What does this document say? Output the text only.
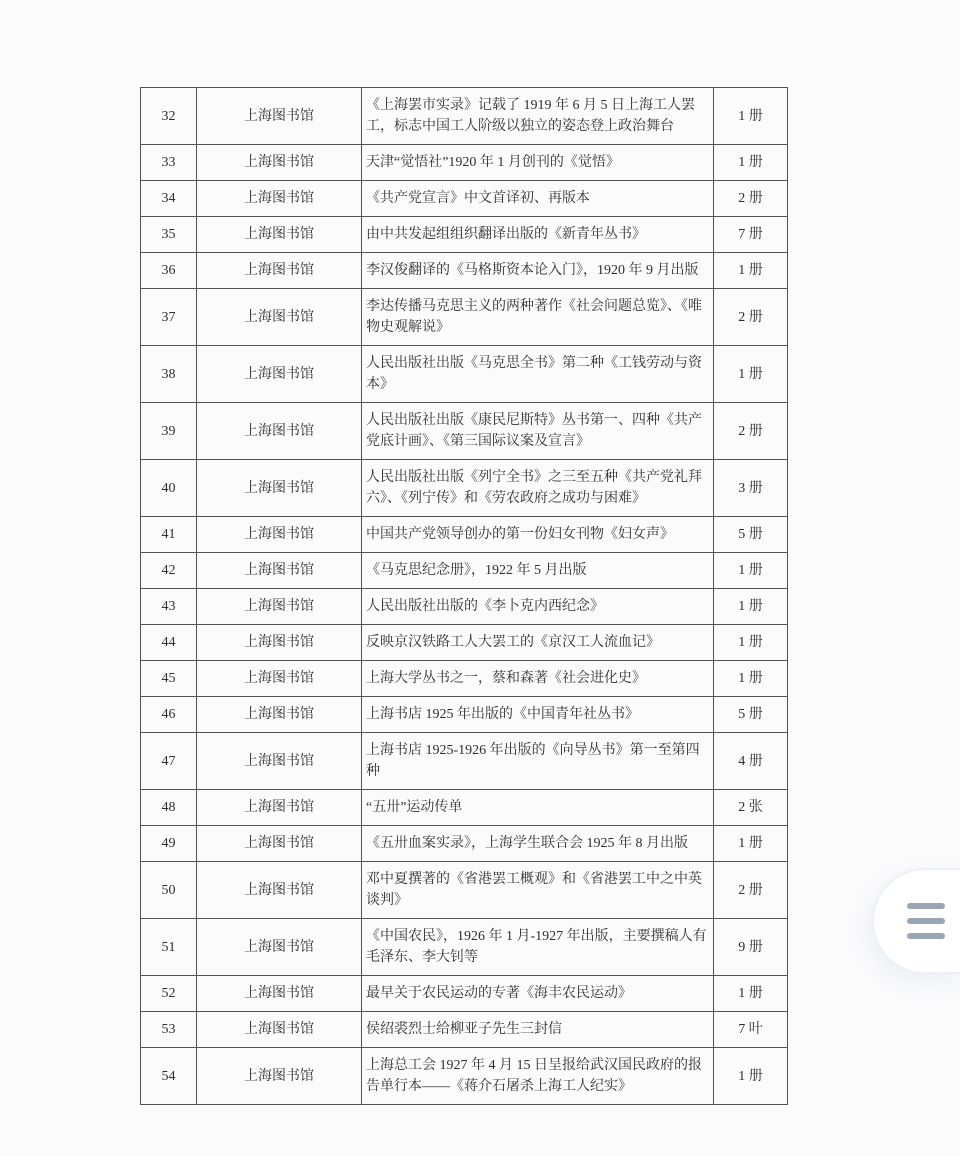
32	上海图书馆	《上海罢市实录》记载了 1919 年 6 月 5 日上海工人罢工，标志中国工人阶级以独立的姿态登上政治舞台	1 册
33	上海图书馆	天津“觉悟社”1920 年 1 月创刊的《觉悟》	1 册
34	上海图书馆	《共产党宣言》中文首译初、再版本	2 册
35	上海图书馆	由中共发起组组织翻译出版的《新青年丛书》	7 册
36	上海图书馆	李汉俊翻译的《马格斯资本论入门》，1920 年 9 月出版	1 册
37	上海图书馆	李达传播马克思主义的两种著作《社会问题总览》、《唯物史观解说》	2 册
38	上海图书馆	人民出版社出版《马克思全书》第二种《工钱劳动与资本》	1 册
39	上海图书馆	人民出版社出版《康民尼斯特》丛书第一、四种《共产党底计画》、《第三国际议案及宣言》	2 册
40	上海图书馆	人民出版社出版《列宁全书》之三至五种《共产党礼拜六》、《列宁传》和《劳农政府之成功与困难》	3 册
41	上海图书馆	中国共产党领导创办的第一份妇女刊物《妇女声》	5 册
42	上海图书馆	《马克思纪念册》，1922 年 5 月出版	1 册
43	上海图书馆	人民出版社出版的《李卜克内西纪念》	1 册
44	上海图书馆	反映京汉铁路工人大罢工的《京汉工人流血记》	1 册
45	上海图书馆	上海大学丛书之一，蔡和森著《社会进化史》	1 册
46	上海图书馆	上海书店 1925 年出版的《中国青年社丛书》	5 册
47	上海图书馆	上海书店 1925-1926 年出版的《向导丛书》第一至第四种	4 册
48	上海图书馆	“五卅”运动传单	2 张
49	上海图书馆	《五卅血案实录》，上海学生联合会 1925 年 8 月出版	1 册
50	上海图书馆	邓中夏撰著的《省港罢工概观》和《省港罢工中之中英谈判》	2 册
51	上海图书馆	《中国农民》，1926 年 1 月-1927 年出版，主要撰稿人有毛泽东、李大钊等	9 册
52	上海图书馆	最早关于农民运动的专著《海丰农民运动》	1 册
53	上海图书馆	侯绍裘烈士给柳亚子先生三封信	7 叶
54	上海图书馆	上海总工会 1927 年 4 月 15 日呈报给武汉国民政府的报告单行本——《蒋介石屠杀上海工人纪实》	1 册
